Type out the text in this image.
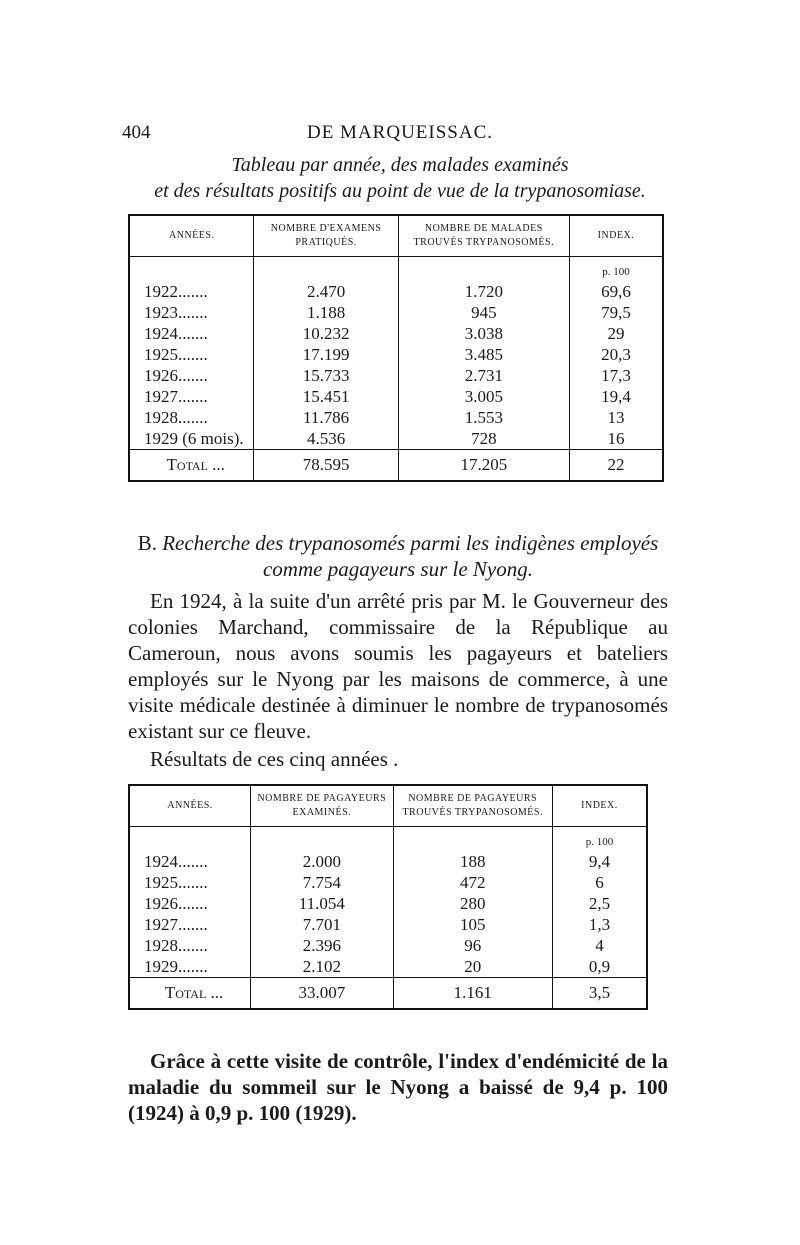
404	DE MARQUEISSAC.
Tableau par année, des malades examinés
et des résultats positifs au point de vue de la trypanosomiase.
ANNÉES.	NOMBRE D'EXAMENS PRATIQUÉS.	NOMBRE DE MALADES TROUVÉS TRYPANOSOMÉS.	INDEX.
			p. 100
1922.......	2.470	1.720	69,6
1923.......	1.188	945	79,5
1924.......	10.232	3.038	29
1925.......	17.199	3.485	20,3
1926.......	15.733	2.731	17,3
1927.......	15.451	3.005	19,4
1928.......	11.786	1.553	13
1929 (6 mois).	4.536	728	16
Total ...	78.595	17.205	22
B. Recherche des trypanosomés parmi les indigènes employés
comme pagayeurs sur le Nyong.
En 1924, à la suite d'un arrêté pris par M. le Gouverneur des colonies Marchand, commissaire de la République au Cameroun, nous avons soumis les pagayeurs et bateliers employés sur le Nyong par les maisons de commerce, à une visite médicale destinée à diminuer le nombre de trypanosomés existant sur ce fleuve.
Résultats de ces cinq années .
ANNÉES.	NOMBRE DE PAGAYEURS EXAMINÉS.	NOMBRE DE PAGAYEURS TROUVÉS TRYPANOSOMÉS.	INDEX.
			p. 100
1924.......	2.000	188	9,4
1925.......	7.754	472	6
1926.......	11.054	280	2,5
1927.......	7.701	105	1,3
1928.......	2.396	96	4
1929.......	2.102	20	0,9
Total ...	33.007	1.161	3,5
Grâce à cette visite de contrôle, l'index d'endémicité de la maladie du sommeil sur le Nyong a baissé de 9,4 p. 100 (1924) à 0,9 p. 100 (1929).
